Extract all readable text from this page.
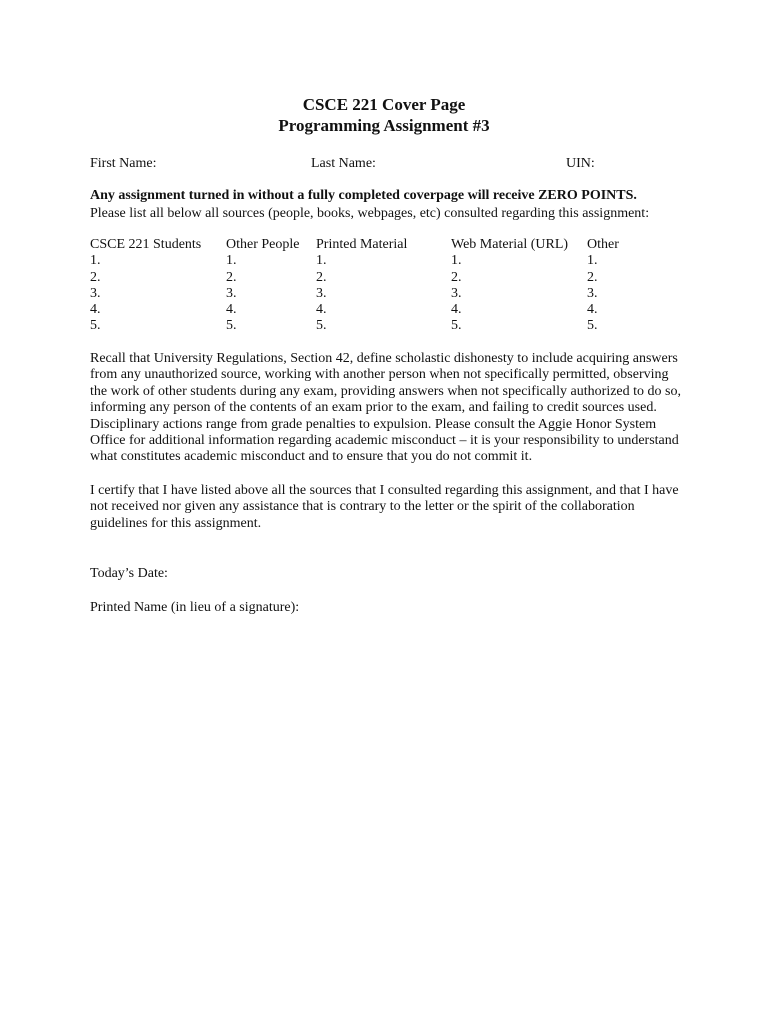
CSCE 221 Cover Page
Programming Assignment #3
First Name:	Last Name:	UIN:
Any assignment turned in without a fully completed coverpage will receive ZERO POINTS.
Please list all below all sources (people, books, webpages, etc) consulted regarding this assignment:
CSCE 221 Students
1.
2.
3.
4.
5.
Other People
1.
2.
3.
4.
5.
Printed Material
1.
2.
3.
4.
5.
Web Material (URL)
1.
2.
3.
4.
5.
Other
1.
2.
3.
4.
5.
Recall that University Regulations, Section 42, define scholastic dishonesty to include acquiring answers
from any unauthorized source, working with another person when not specifically permitted, observing
the work of other students during any exam, providing answers when not specifically authorized to do so,
informing any person of the contents of an exam prior to the exam, and failing to credit sources used.
Disciplinary actions range from grade penalties to expulsion. Please consult the Aggie Honor System
Office for additional information regarding academic misconduct – it is your responsibility to understand
what constitutes academic misconduct and to ensure that you do not commit it.
I certify that I have listed above all the sources that I consulted regarding this assignment, and that I have
not received nor given any assistance that is contrary to the letter or the spirit of the collaboration
guidelines for this assignment.
Today’s Date:
Printed Name (in lieu of a signature):
